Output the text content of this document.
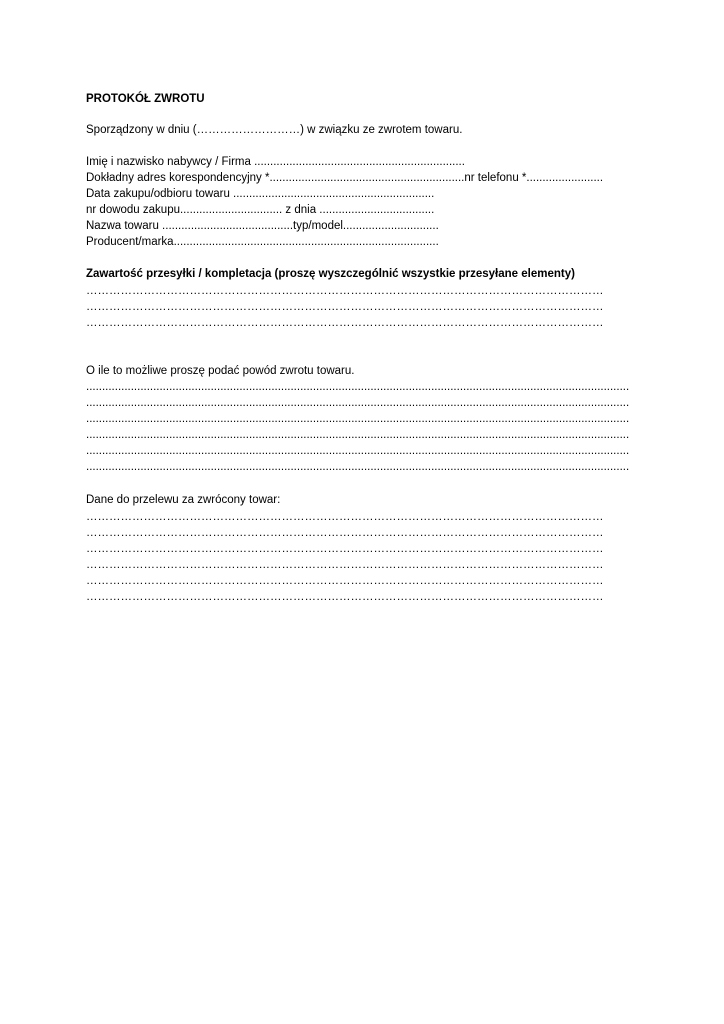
PROTOKÓŁ ZWROTU
Sporządzony w dniu (………………………) w związku ze zwrotem towaru.
Imię i nazwisko nabywcy / Firma ..................................................................
Dokładny adres korespondencyjny *.............................................................nr telefonu *........................
Data zakupu/odbioru towaru ...............................................................
nr dowodu zakupu................................ z dnia ....................................
Nazwa towaru .........................................typ/model..............................
Producent/marka...................................................................................
Zawartość przesyłki / kompletacja (proszę wyszczególnić wszystkie przesyłane elementy)
………………………………………………………………………………………………………………………
………………………………………………………………………………………………………………………
………………………………………………………………………………………………………………………
O ile to możliwe proszę podać powód zwrotu towaru.
..........................................................................................................................................................................
..........................................................................................................................................................................
..........................................................................................................................................................................
..........................................................................................................................................................................
..........................................................................................................................................................................
..........................................................................................................................................................................
Dane do przelewu za zwrócony towar:
………………………………………………………………………………………………………………………
………………………………………………………………………………………………………………………
………………………………………………………………………………………………………………………
………………………………………………………………………………………………………………………
………………………………………………………………………………………………………………………
………………………………………………………………………………………………………………………
